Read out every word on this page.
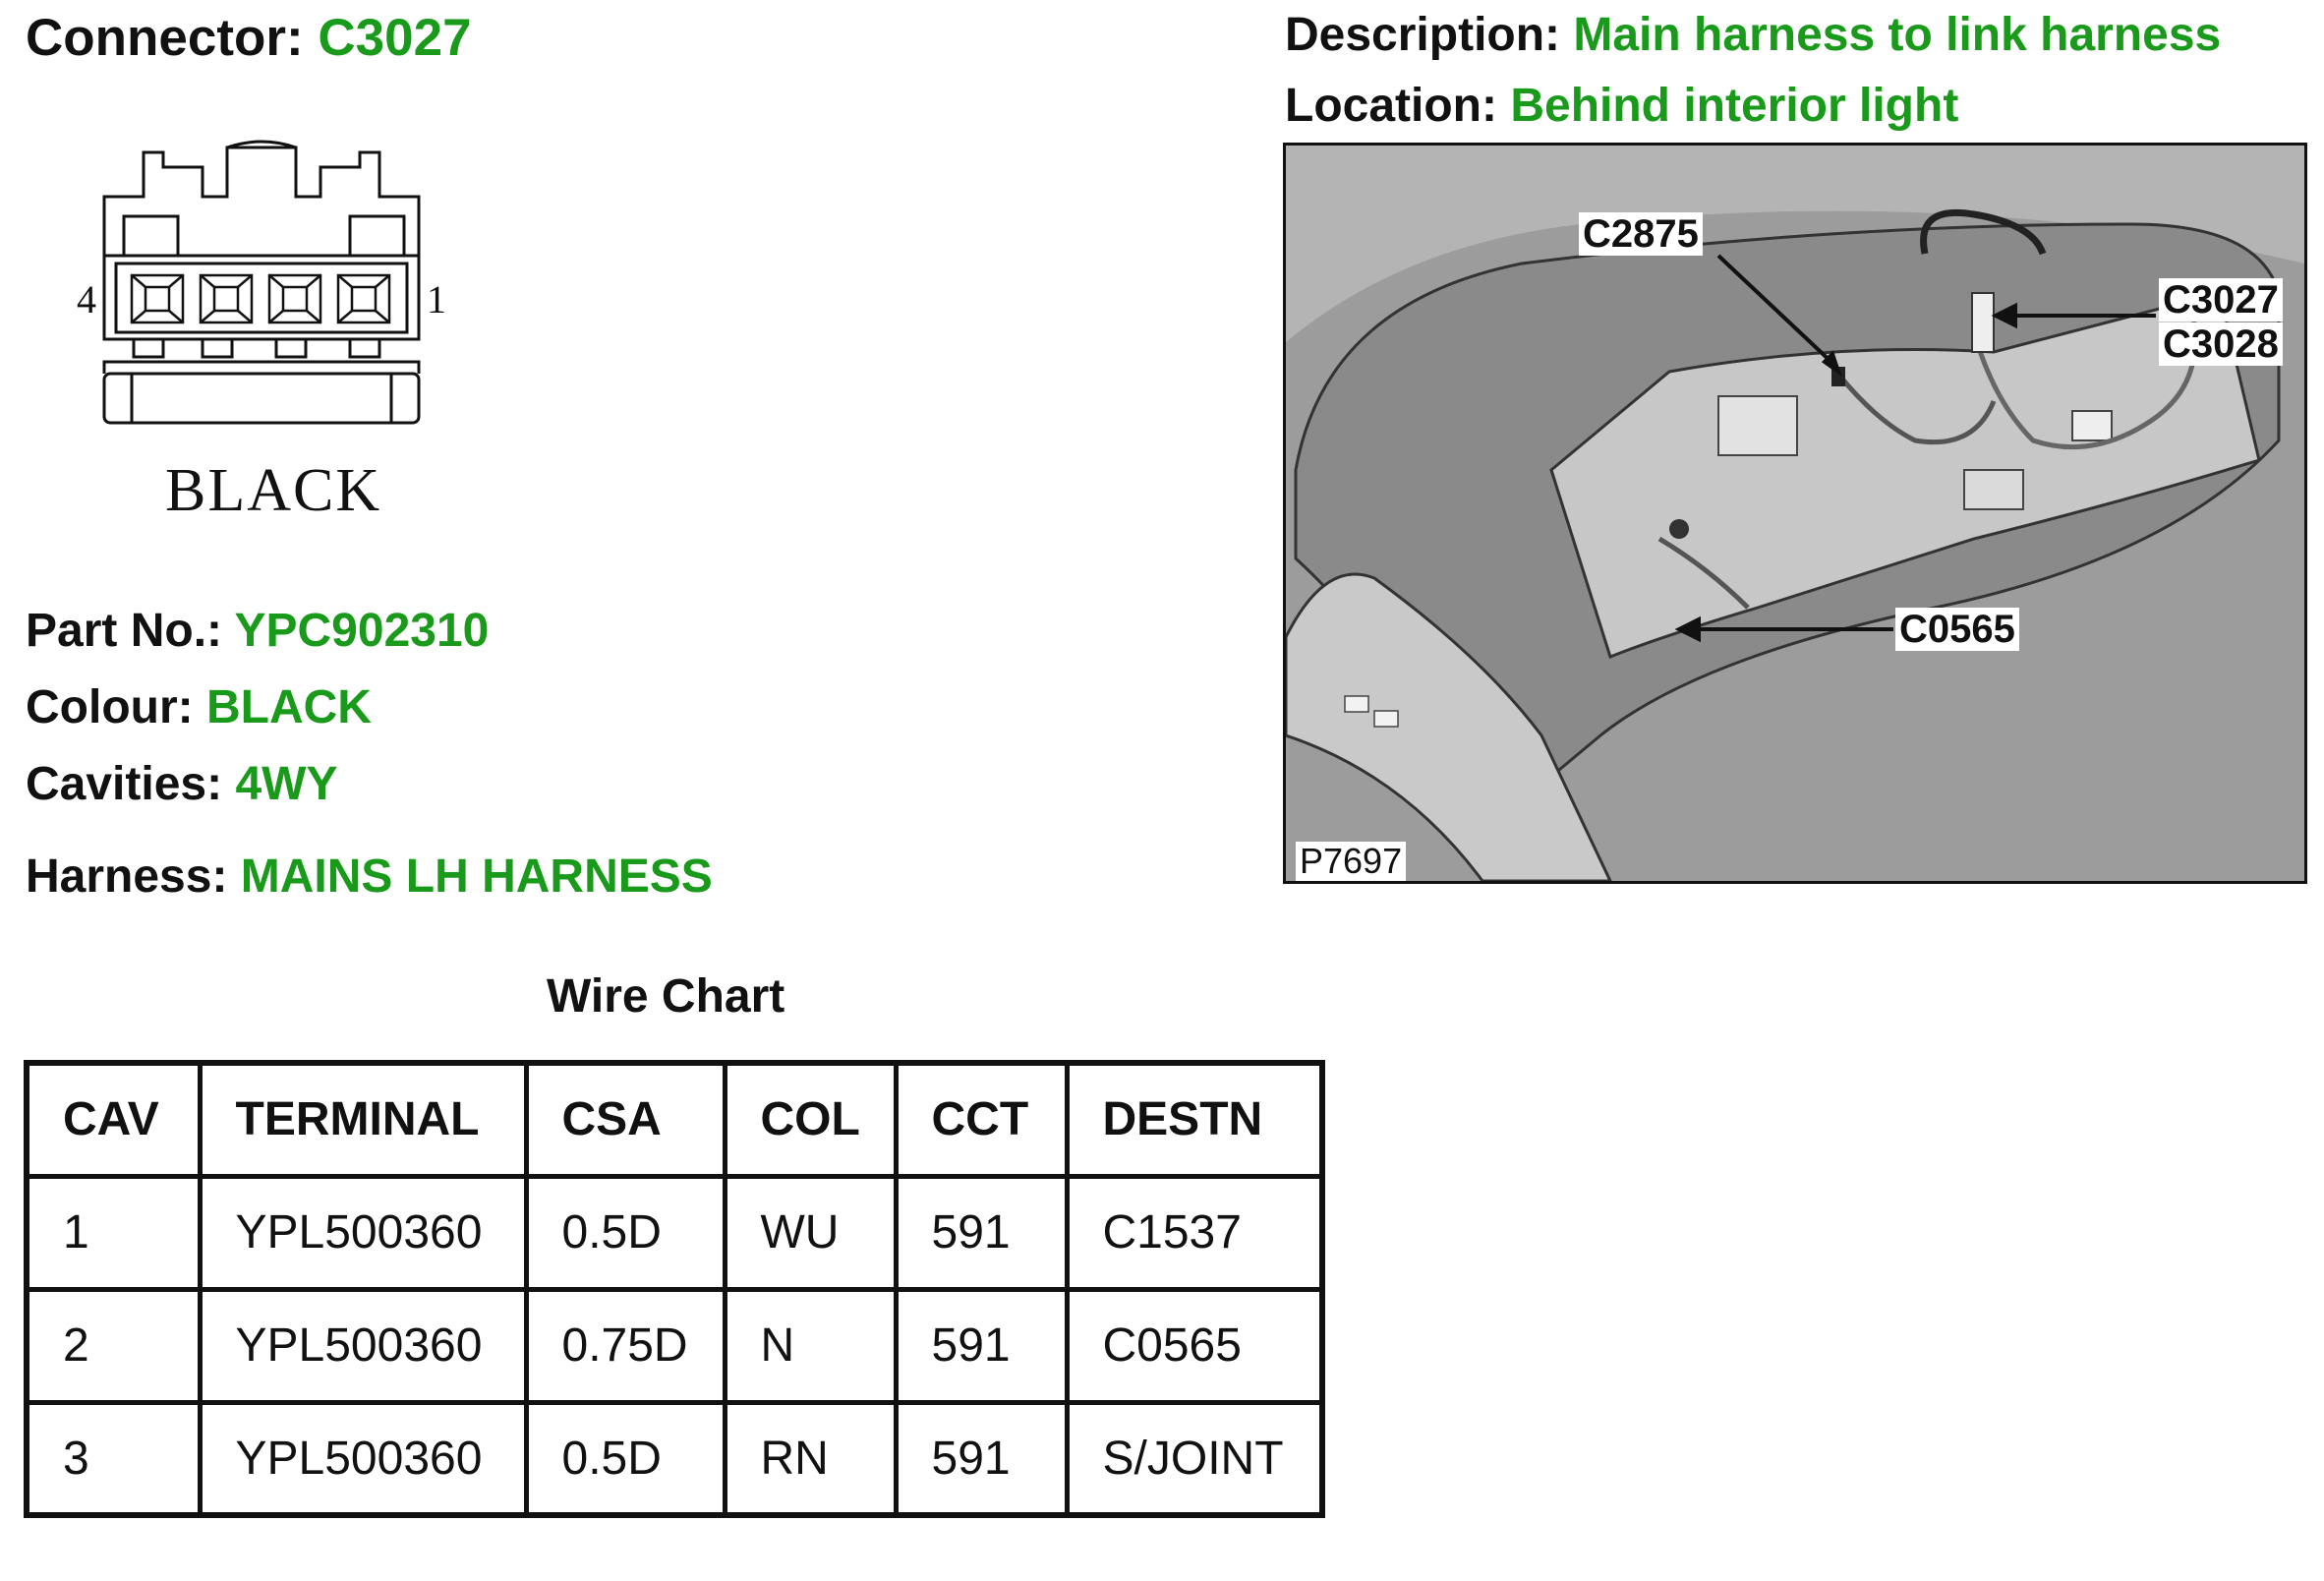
Connector: C3027	Description: Main harness to link harness
Location: Behind interior light
4	1
BLACK
Part No.: YPC902310
Colour: BLACK
Cavities: 4WY
Harness: MAINS LH HARNESS
C2875
C3027
C3028
C0565
P7697
Wire Chart
CAV	TERMINAL	CSA	COL	CCT	DESTN
1	YPL500360	0.5D	WU	591	C1537
2	YPL500360	0.75D	N	591	C0565
3	YPL500360	0.5D	RN	591	S/JOINT
